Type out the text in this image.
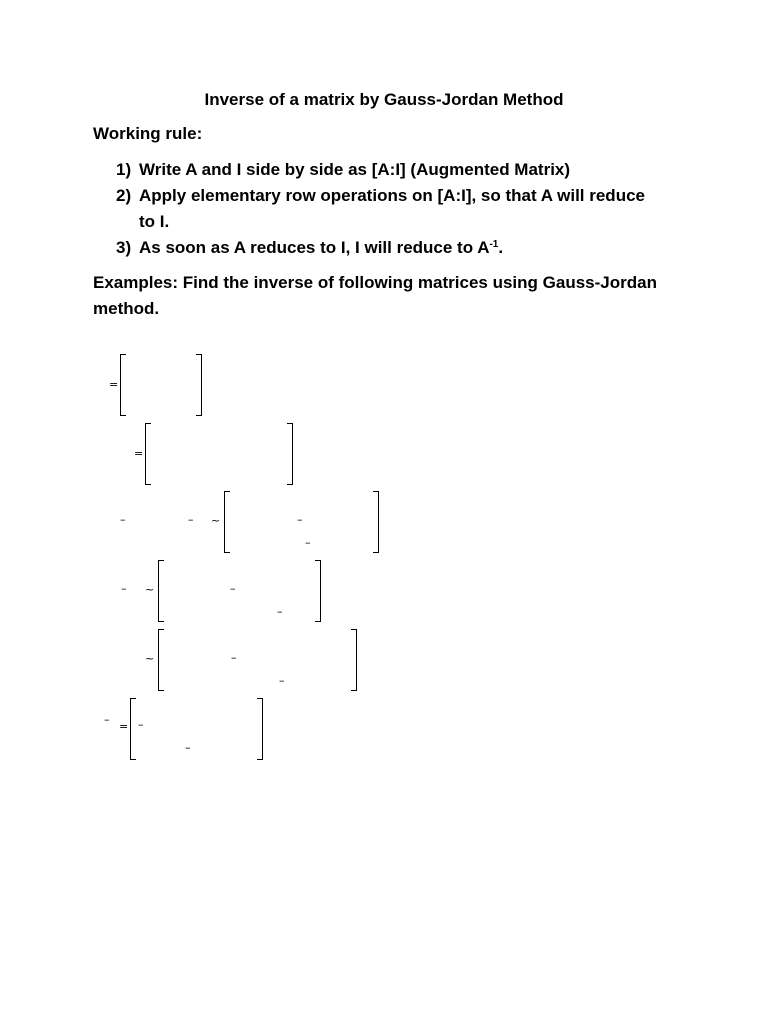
Inverse of a matrix by Gauss-Jordan Method
Working rule:
1) Write A and I side by side as [A:I] (Augmented Matrix)
2) Apply elementary row operations on [A:I], so that A will reduce
to I.
3) As soon as A reduces to I, I will reduce to $A^{-1}$.
Examples: Find the inverse of following matrices using Gauss-Jordan method.
=
=
–	– ~	–
–
– ~	–
–
~	–
–
–
= –
–
